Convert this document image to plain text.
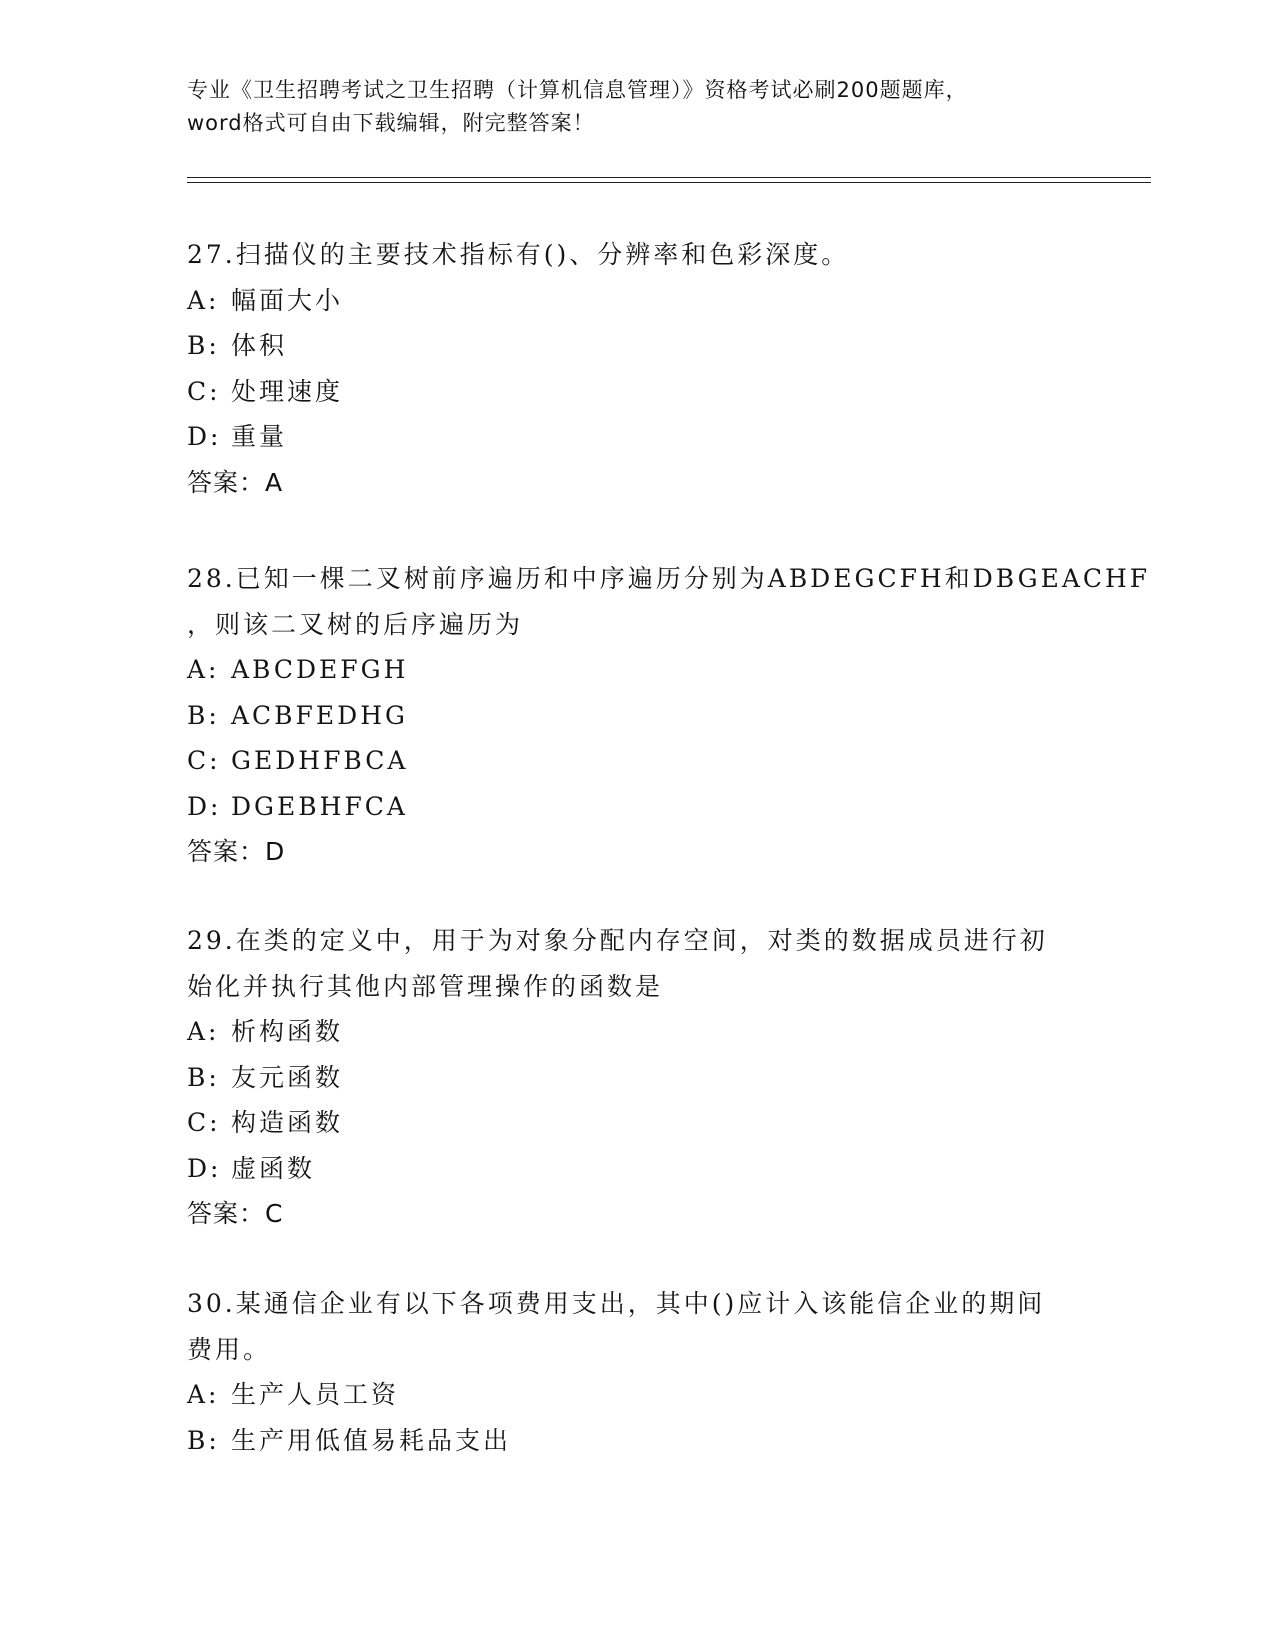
专业《卫生招聘考试之卫生招聘（计算机信息管理）》资格考试必刷200题题库，
word格式可自由下载编辑，附完整答案！
27.扫描仪的主要技术指标有()、分辨率和色彩深度。
A: 幅面大小
B: 体积
C: 处理速度
D: 重量
答案：A
28.已知一棵二叉树前序遍历和中序遍历分别为ABDEGCFH和DBGEACHF
，则该二叉树的后序遍历为
A: ABCDEFGH
B: ACBFEDHG
C: GEDHFBCA
D: DGEBHFCA
答案：D
29.在类的定义中，用于为对象分配内存空间，对类的数据成员进行初
始化并执行其他内部管理操作的函数是
A: 析构函数
B: 友元函数
C: 构造函数
D: 虚函数
答案：C
30.某通信企业有以下各项费用支出，其中()应计入该能信企业的期间
费用。
A: 生产人员工资
B: 生产用低值易耗品支出
